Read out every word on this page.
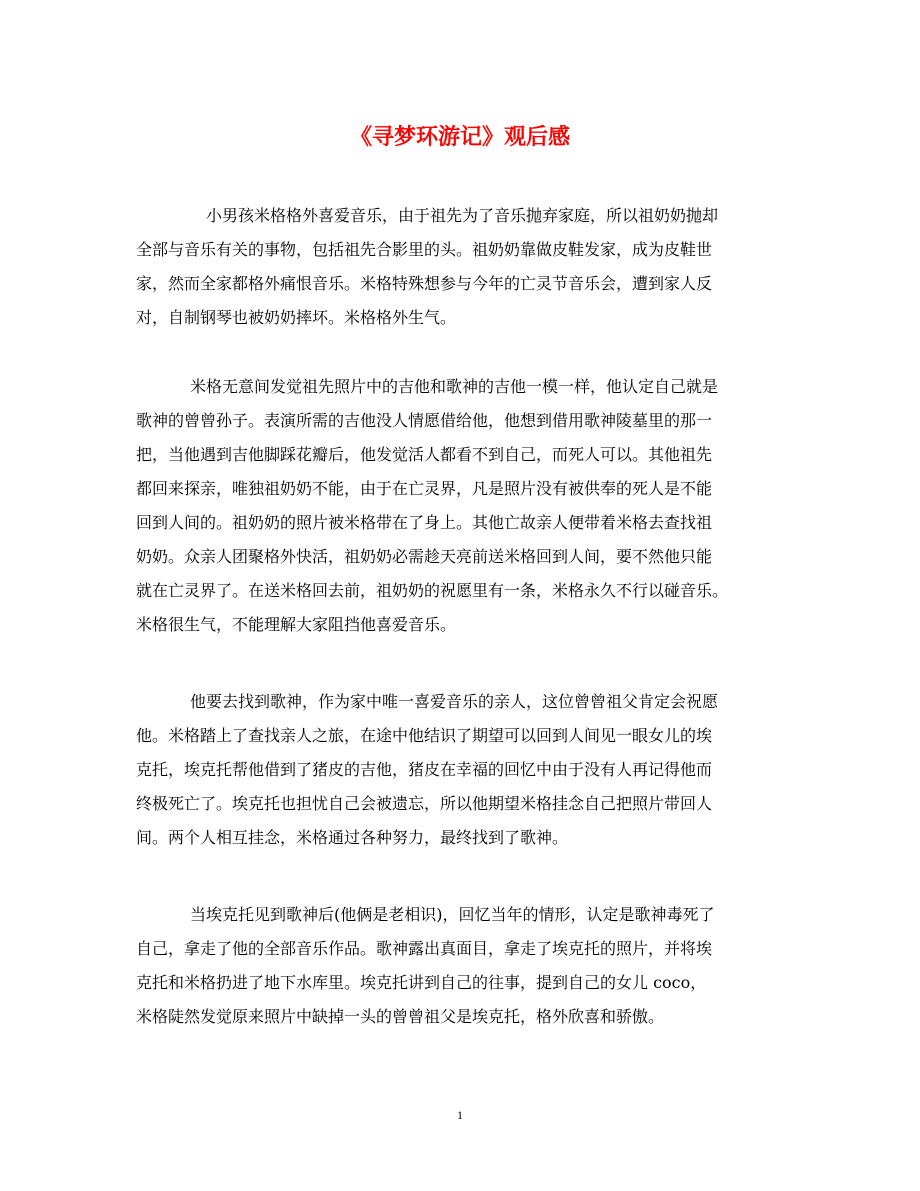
《寻梦环游记》观后感
小男孩米格格外喜爱音乐，由于祖先为了音乐抛弃家庭，所以祖奶奶抛却
全部与音乐有关的事物，包括祖先合影里的头。祖奶奶靠做皮鞋发家，成为皮鞋世
家，然而全家都格外痛恨音乐。米格特殊想参与今年的亡灵节音乐会，遭到家人反
对，自制钢琴也被奶奶摔坏。米格格外生气。
米格无意间发觉祖先照片中的吉他和歌神的吉他一模一样，他认定自己就是
歌神的曾曾孙子。表演所需的吉他没人情愿借给他，他想到借用歌神陵墓里的那一
把，当他遇到吉他脚踩花瓣后，他发觉活人都看不到自己，而死人可以。其他祖先
都回来探亲，唯独祖奶奶不能，由于在亡灵界，凡是照片没有被供奉的死人是不能
回到人间的。祖奶奶的照片被米格带在了身上。其他亡故亲人便带着米格去查找祖
奶奶。众亲人团聚格外快活，祖奶奶必需趁天亮前送米格回到人间，要不然他只能
就在亡灵界了。在送米格回去前，祖奶奶的祝愿里有一条，米格永久不行以碰音乐。
米格很生气，不能理解大家阻挡他喜爱音乐。
他要去找到歌神，作为家中唯一喜爱音乐的亲人，这位曾曾祖父肯定会祝愿
他。米格踏上了查找亲人之旅，在途中他结识了期望可以回到人间见一眼女儿的埃
克托，埃克托帮他借到了猪皮的吉他，猪皮在幸福的回忆中由于没有人再记得他而
终极死亡了。埃克托也担忧自己会被遗忘，所以他期望米格挂念自己把照片带回人
间。两个人相互挂念，米格通过各种努力，最终找到了歌神。
当埃克托见到歌神后(他俩是老相识)，回忆当年的情形，认定是歌神毒死了
自己，拿走了他的全部音乐作品。歌神露出真面目，拿走了埃克托的照片，并将埃
克托和米格扔进了地下水库里。埃克托讲到自己的往事，提到自己的女儿 coco，
米格陡然发觉原来照片中缺掉一头的曾曾祖父是埃克托，格外欣喜和骄傲。
1
